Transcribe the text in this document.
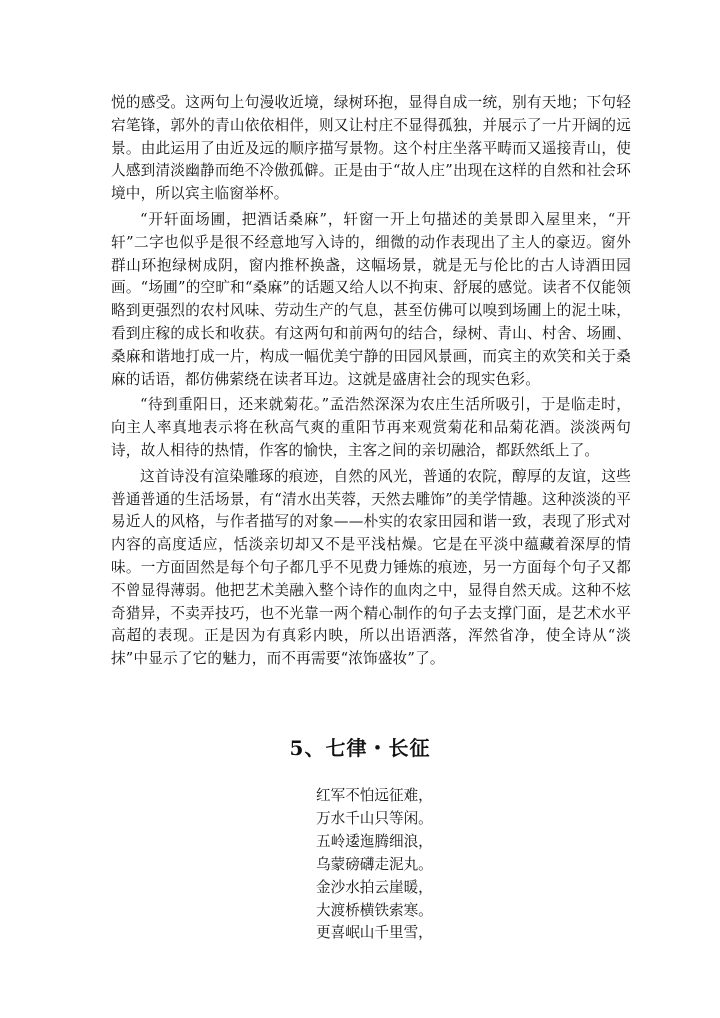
悦的感受。这两句上句漫收近境，绿树环抱，显得自成一统，别有天地；下句轻宕笔锋，郭外的青山依依相伴，则又让村庄不显得孤独，并展示了一片开阔的远景。由此运用了由近及远的顺序描写景物。这个村庄坐落平畴而又遥接青山，使人感到清淡幽静而绝不冷傲孤僻。正是由于“故人庄”出现在这样的自然和社会环境中，所以宾主临窗举杯。

“开轩面场圃，把酒话桑麻”，轩窗一开上句描述的美景即入屋里来，“开轩”二字也似乎是很不经意地写入诗的，细微的动作表现出了主人的豪迈。窗外群山环抱绿树成阴，窗内推杯换盏，这幅场景，就是无与伦比的古人诗酒田园画。“场圃”的空旷和“桑麻”的话题又给人以不拘束、舒展的感觉。读者不仅能领略到更强烈的农村风味、劳动生产的气息，甚至仿佛可以嗅到场圃上的泥土味，看到庄稼的成长和收获。有这两句和前两句的结合，绿树、青山、村舍、场圃、桑麻和谐地打成一片，构成一幅优美宁静的田园风景画，而宾主的欢笑和关于桑麻的话语，都仿佛萦绕在读者耳边。这就是盛唐社会的现实色彩。

“待到重阳日，还来就菊花。”孟浩然深深为农庄生活所吸引，于是临走时，向主人率真地表示将在秋高气爽的重阳节再来观赏菊花和品菊花酒。淡淡两句诗，故人相待的热情，作客的愉快，主客之间的亲切融洽，都跃然纸上了。

这首诗没有渲染雕琢的痕迹，自然的风光，普通的农院，醇厚的友谊，这些普通普通的生活场景，有“清水出芙蓉，天然去雕饰”的美学情趣。这种淡淡的平易近人的风格，与作者描写的对象——朴实的农家田园和谐一致，表现了形式对内容的高度适应，恬淡亲切却又不是平浅枯燥。它是在平淡中蕴藏着深厚的情味。一方面固然是每个句子都几乎不见费力锤炼的痕迹，另一方面每个句子又都不曾显得薄弱。他把艺术美融入整个诗作的血肉之中，显得自然天成。这种不炫奇猎异，不卖弄技巧，也不光靠一两个精心制作的句子去支撑门面，是艺术水平高超的表现。正是因为有真彩内映，所以出语洒落，浑然省净，使全诗从“淡抹”中显示了它的魅力，而不再需要“浓饰盛妆”了。

5、七律・长征
红军不怕远征难，
万水千山只等闲。
五岭逶迤腾细浪，
乌蒙磅礴走泥丸。
金沙水拍云崖暖，
大渡桥横铁索寒。
更喜岷山千里雪，
